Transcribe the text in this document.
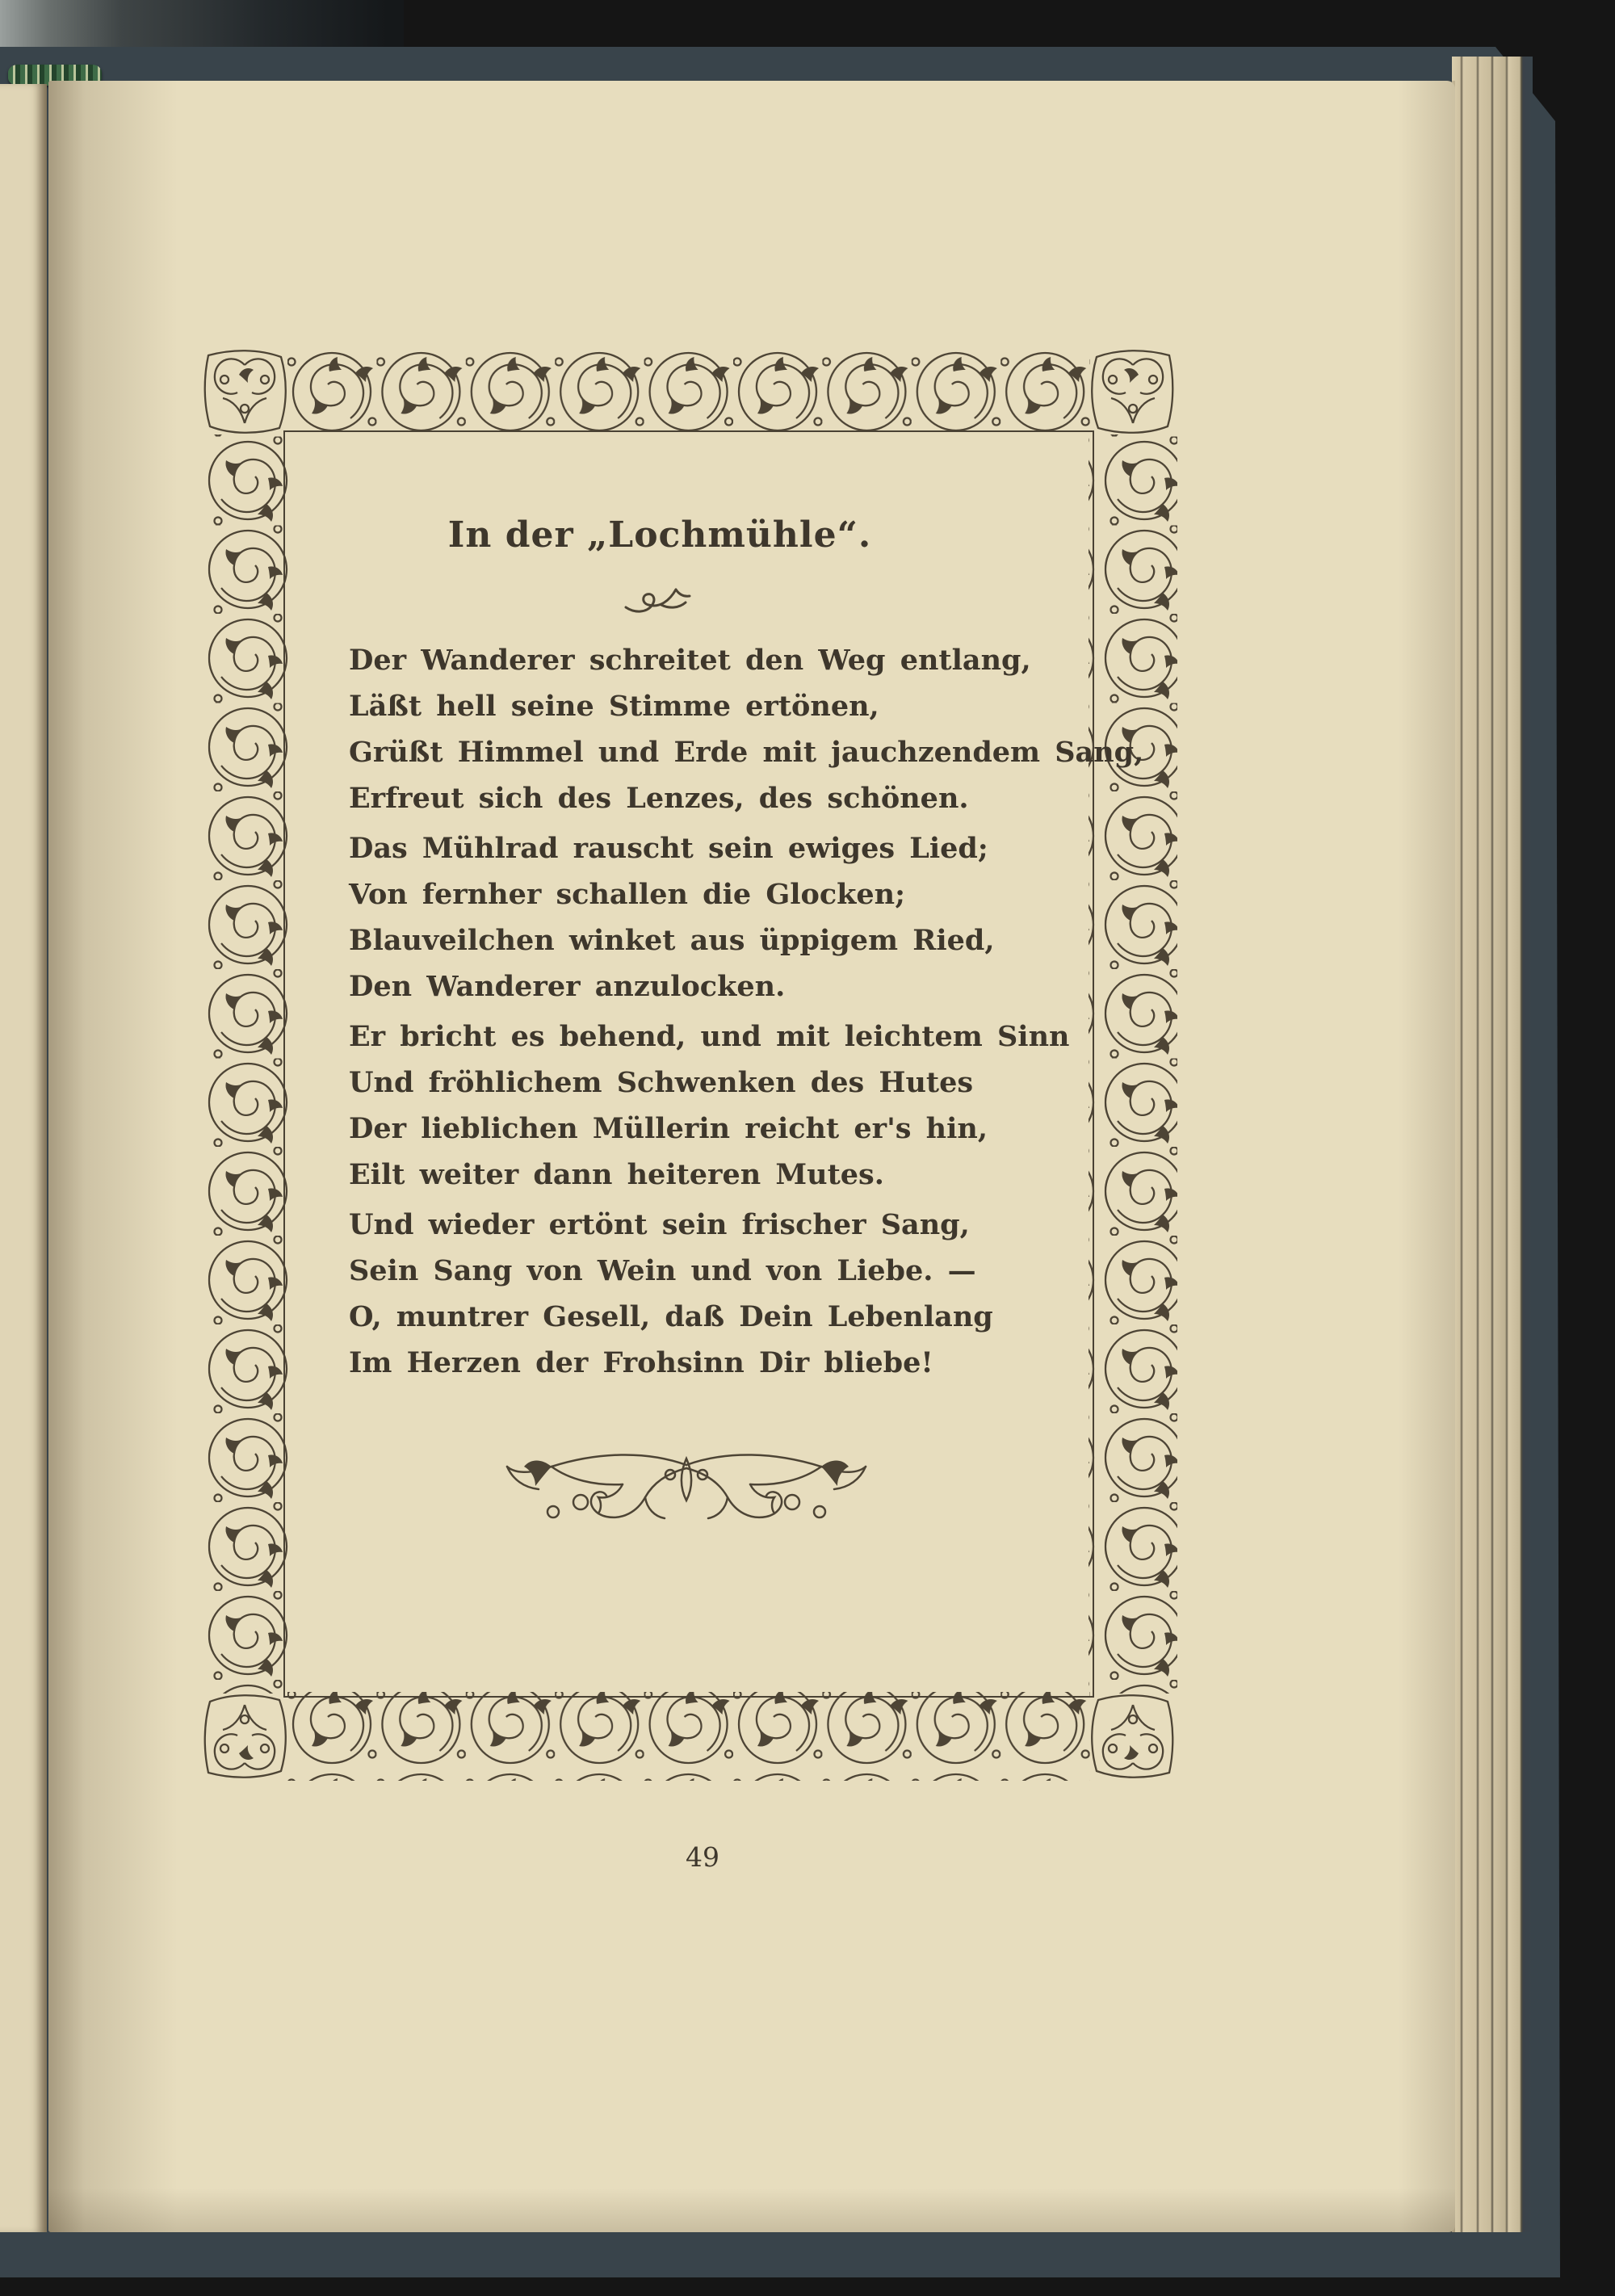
In der „Lochmühle“.
Der Wanderer schreitet den Weg entlang,
Läßt hell seine Stimme ertönen,
Grüßt Himmel und Erde mit jauchzendem Sang,
Erfreut sich des Lenzes, des schönen.
Das Mühlrad rauscht sein ewiges Lied;
Von fernher schallen die Glocken;
Blauveilchen winket aus üppigem Ried,
Den Wanderer anzulocken.
Er bricht es behend, und mit leichtem Sinn
Und fröhlichem Schwenken des Hutes
Der lieblichen Müllerin reicht er's hin,
Eilt weiter dann heiteren Mutes.
Und wieder ertönt sein frischer Sang,
Sein Sang von Wein und von Liebe. —
O, muntrer Gesell, daß Dein Lebenlang
Im Herzen der Frohsinn Dir bliebe!
49
